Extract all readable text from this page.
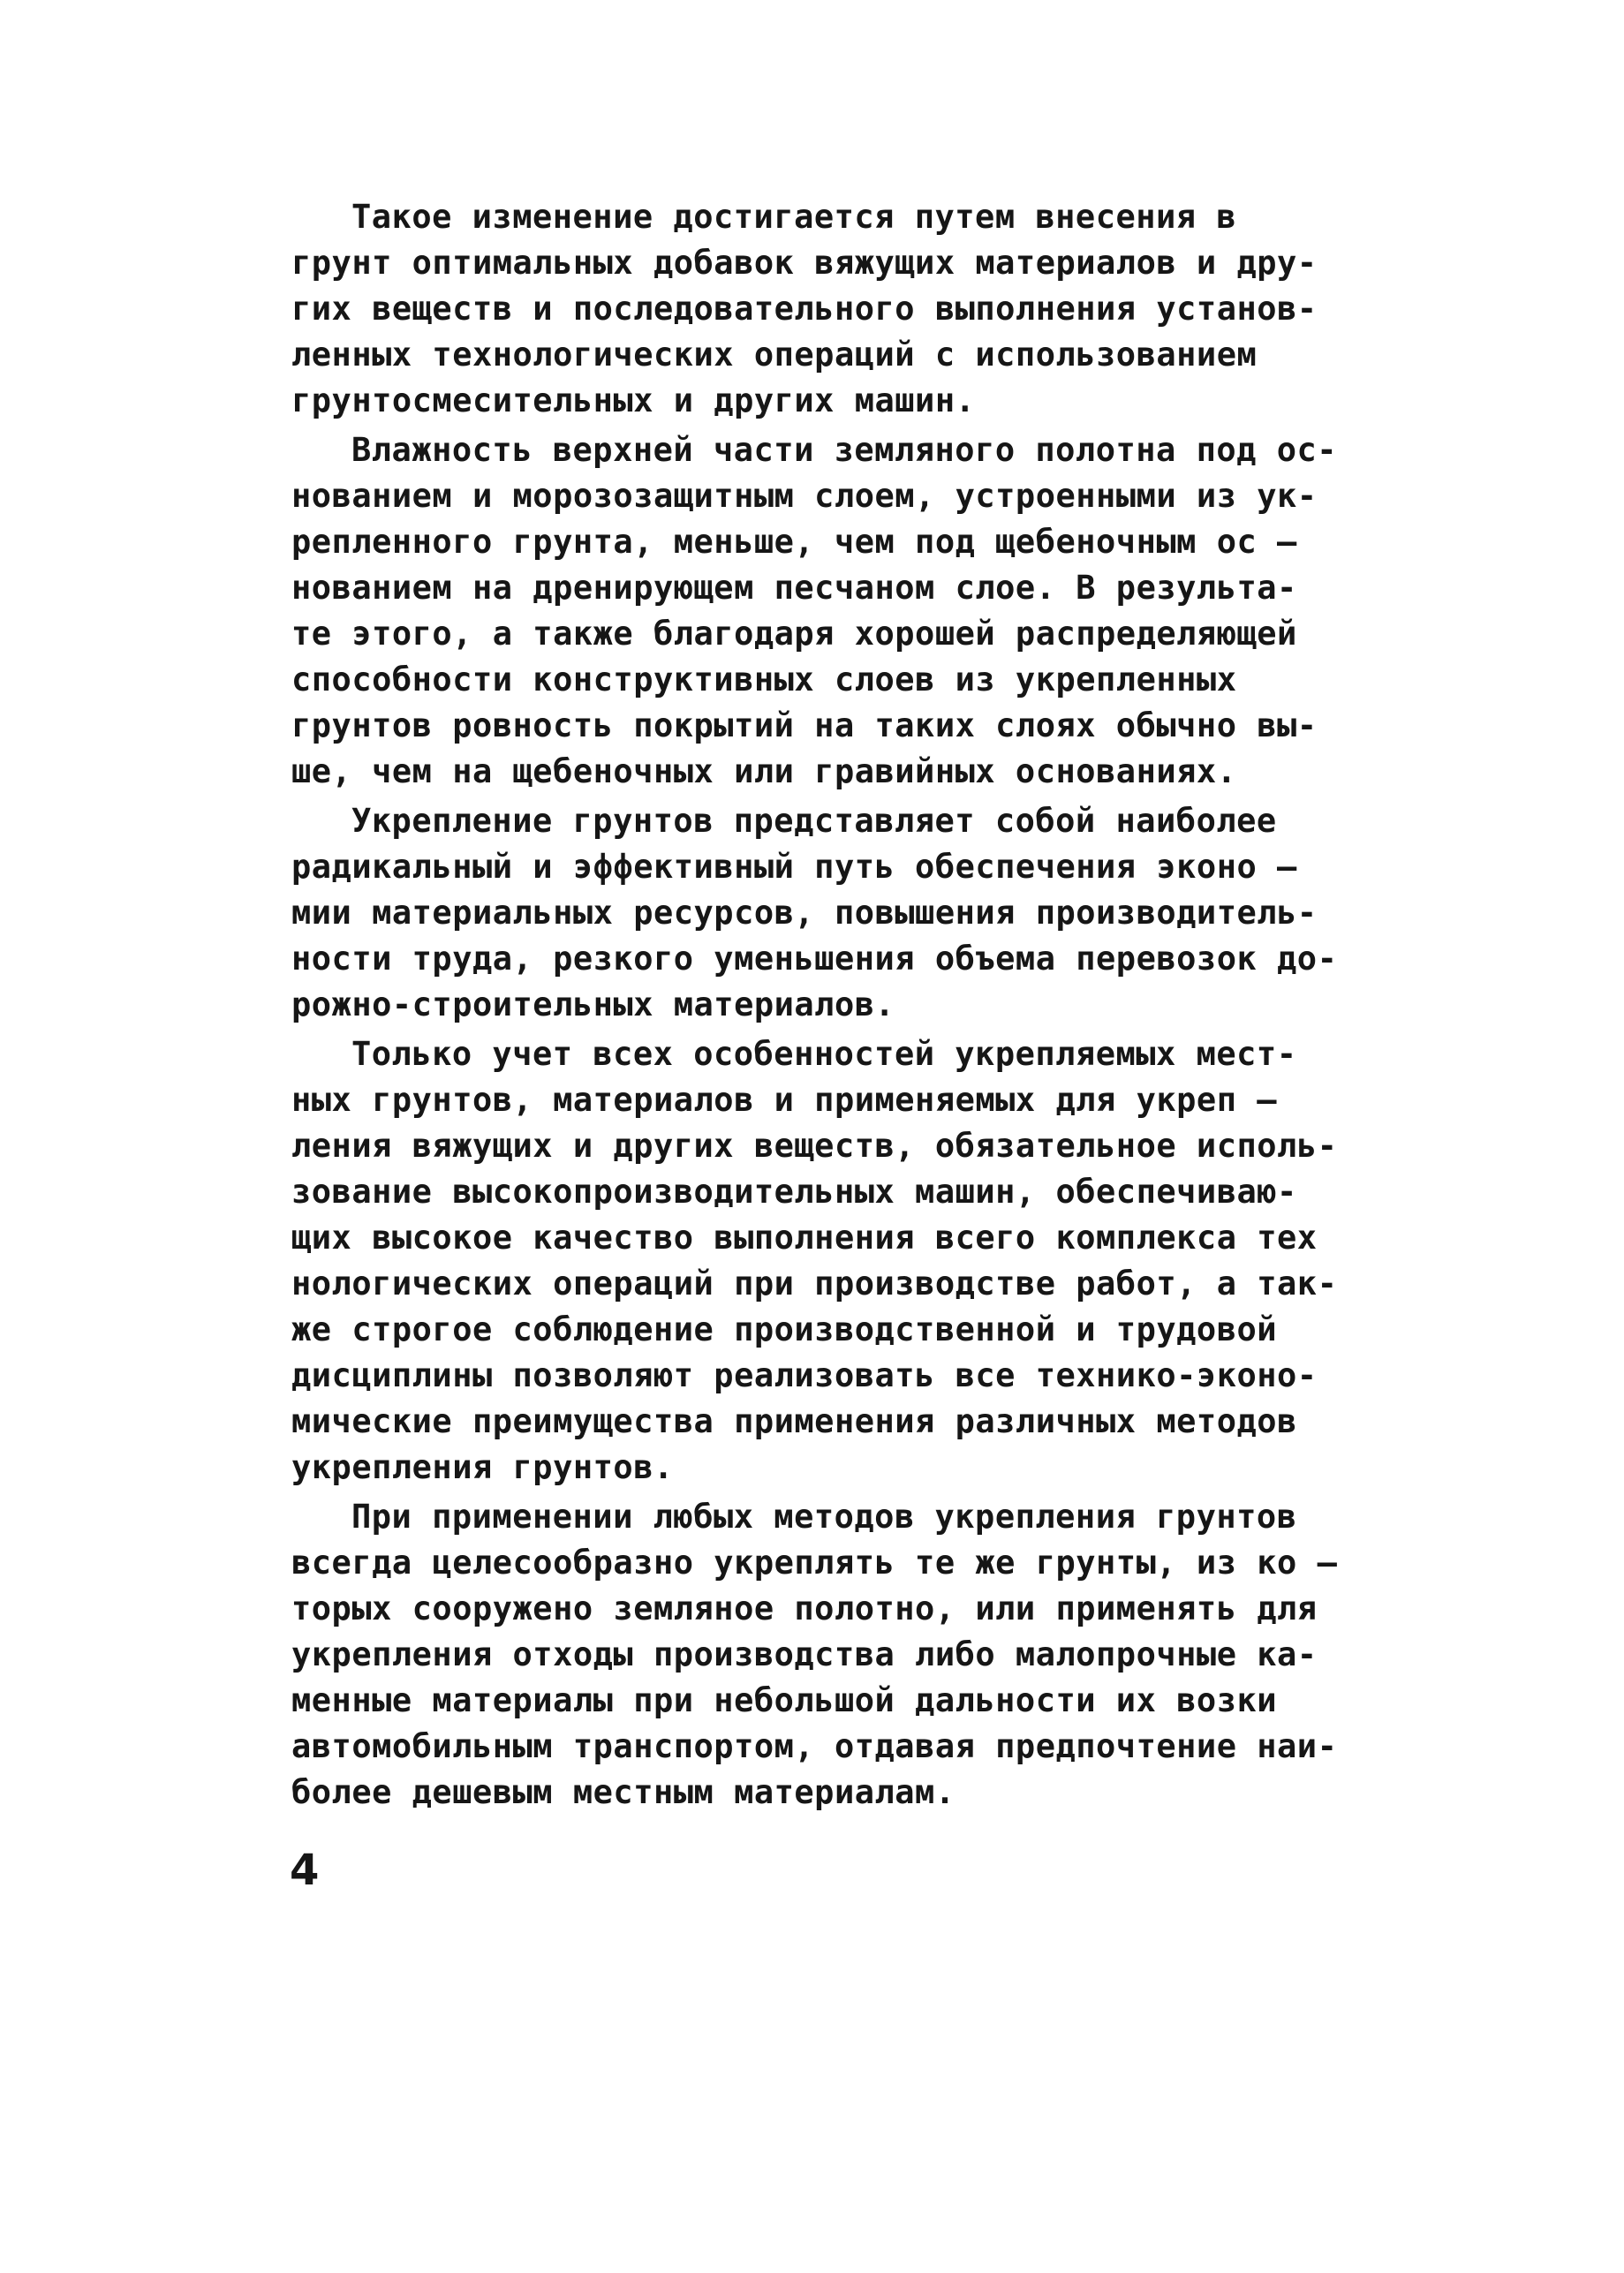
Такое изменение достигается путем внесения в
грунт оптимальных добавок вяжущих материалов и дру-
гих веществ и последовательного выполнения установ-
ленных технологических операций с использованием
грунтосмесительных и других машин.
Влажность верхней части земляного полотна под ос-
нованием и морозозащитным слоем, устроенными из ук-
репленного грунта, меньше, чем под щебеночным ос –
нованием на дренирующем песчаном слое. В результа-
те этого, а также благодаря хорошей распределяющей
способности конструктивных слоев из укрепленных
грунтов ровность покрытий на таких слоях обычно вы-
ше, чем на щебеночных или гравийных основаниях.
Укрепление грунтов представляет собой наиболее
радикальный и эффективный путь обеспечения эконо –
мии материальных ресурсов, повышения производитель-
ности труда, резкого уменьшения объема перевозок до-
рожно-строительных материалов.
Только учет всех особенностей укрепляемых мест-
ных грунтов, материалов и применяемых для укреп –
ления вяжущих и других веществ, обязательное исполь-
зование высокопроизводительных машин, обеспечиваю-
щих высокое качество выполнения всего комплекса тех
нологических операций при производстве работ, а так-
же строгое соблюдение производственной и трудовой
дисциплины позволяют реализовать все технико-эконо-
мические преимущества применения различных методов
укрепления грунтов.
При применении любых методов укрепления грунтов
всегда целесообразно укреплять те же грунты, из ко –
торых сооружено земляное полотно, или применять для
укрепления отходы производства либо малопрочные ка-
менные материалы при небольшой дальности их возки
автомобильным транспортом, отдавая предпочтение наи-
более дешевым местным материалам.
4
